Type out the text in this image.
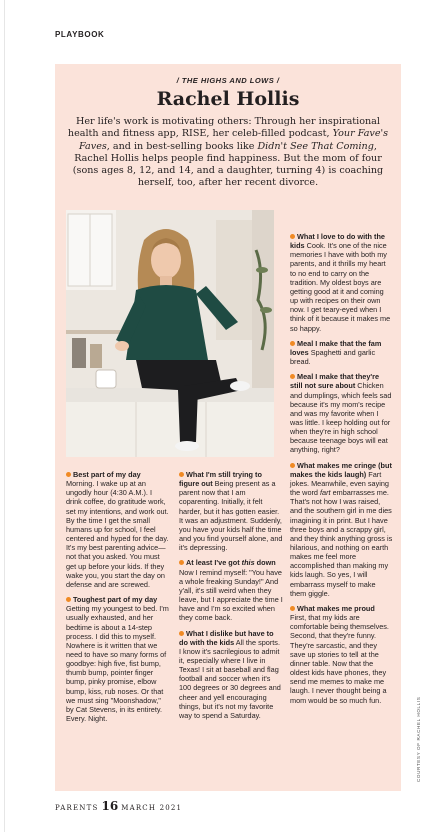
PLAYBOOK
/ THE HIGHS AND LOWS /
Rachel Hollis

Her life's work is motivating others: Through her inspirational health and fitness app, RISE, her celeb-filled podcast, Your Fave's Faves, and in best-selling books like Didn't See That Coming, Rachel Hollis helps people find happiness. But the mom of four (sons ages 8, 12, and 14, and a daughter, turning 4) is coaching herself, too, after her recent divorce.

Best part of my day Morning. I wake up at an ungodly hour (4:30 A.M.). I drink coffee, do gratitude work, set my intentions, and work out. By the time I get the small humans up for school, I feel centered and hyped for the day. It's my best parenting advice—not that you asked. You must get up before your kids. If they wake you, you start the day on defense and are screwed.

Toughest part of my day Getting my youngest to bed. I'm usually exhausted, and her bedtime is about a 14-step process. I did this to myself. Nowhere is it written that we need to have so many forms of goodbye: high five, fist bump, thumb bump, pointer finger bump, pinky promise, elbow bump, kiss, rub noses. Or that we must sing "Moonshadow," by Cat Stevens, in its entirety. Every. Night.

What I'm still trying to figure out Being present as a parent now that I am coparenting. Initially, it felt harder, but it has gotten easier. It was an adjustment. Suddenly, you have your kids half the time and you find yourself alone, and it's depressing.

At least I've got this down Now I remind myself: "You have a whole freaking Sunday!" And y'all, it's still weird when they leave, but I appreciate the time I have and I'm so excited when they come back.

What I dislike but have to do with the kids All the sports. I know it's sacrilegious to admit it, especially where I live in Texas! I sit at baseball and flag football and soccer when it's 100 degrees or 30 degrees and cheer and yell encouraging things, but it's not my favorite way to spend a Saturday.

What I love to do with the kids Cook. It's one of the nice memories I have with both my parents, and it thrills my heart to no end to carry on the tradition. My oldest boys are getting good at it and coming up with recipes on their own now. I get teary-eyed when I think of it because it makes me so happy.

Meal I make that the fam loves Spaghetti and garlic bread.

Meal I make that they're still not sure about Chicken and dumplings, which feels sad because it's my mom's recipe and was my favorite when I was little. I keep holding out for when they're in high school because teenage boys will eat anything, right?

What makes me cringe (but makes the kids laugh) Fart jokes. Meanwhile, even saying the word fart embarrasses me. That's not how I was raised, and the southern girl in me dies imagining it in print. But I have three boys and a scrappy girl, and they think anything gross is hilarious, and nothing on earth makes me feel more accomplished than making my kids laugh. So yes, I will embarrass myself to make them giggle.

What makes me proud First, that my kids are comfortable being themselves. Second, that they're funny. They're sarcastic, and they save up stories to tell at the dinner table. Now that the oldest kids have phones, they send me memes to make me laugh. I never thought being a mom would be so much fun.	COURTESY OF RACHEL HOLLIS
PARENTS 16 MARCH 2021
